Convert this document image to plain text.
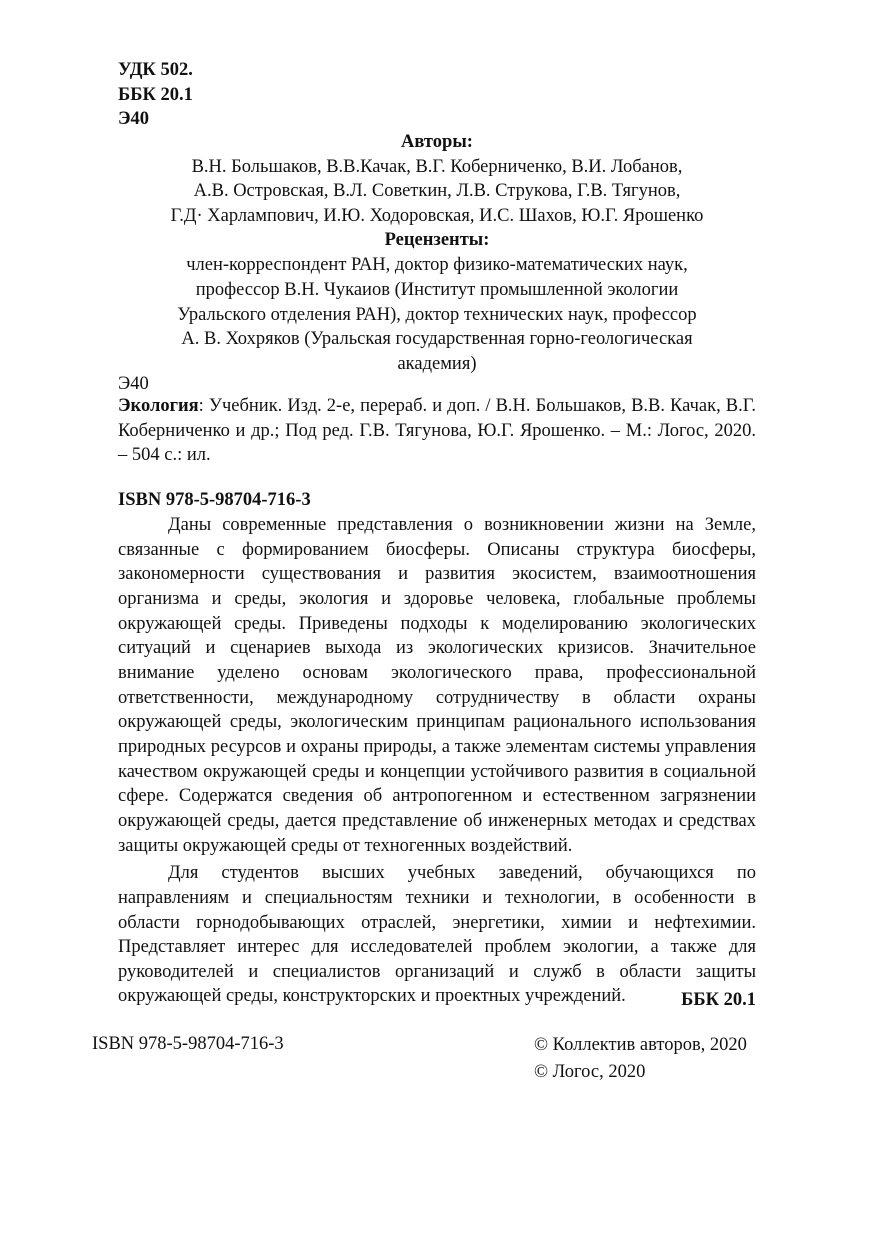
УДК 502.
ББК 20.1
Э40
Авторы:
В.Н. Большаков, В.В.Качак, В.Г. Коберниченко, В.И. Лобанов,
А.В. Островская, В.Л. Советкин, Л.В. Струкова, Г.В. Тягунов,
Г.Д· Харлампович, И.Ю. Ходоровская, И.С. Шахов, Ю.Г. Ярошенко
Рецензенты:
член-корреспондент РАН, доктор физико-математических наук,
профессор В.Н. Чукаиов (Институт промышленной экологии
Уральского отделения РАН), доктор технических наук, профессор
А. В. Хохряков (Уральская государственная горно-геологическая
академия)
Э40

Экология: Учебник. Изд. 2-е, перераб. и доп. / В.Н. Большаков, В.В. Качак, В.Г. Коберниченко и др.; Под ред. Г.В. Тягунова, Ю.Г. Ярошенко. – М.: Логос, 2020. – 504 с.: ил.

ISBN 978-5-98704-716-3

Даны современные представления о возникновении жизни на Земле, связанные с формированием биосферы. Описаны структура биосферы, закономерности существования и развития экосистем, взаимоотношения организма и среды, экология и здоровье человека, глобальные проблемы окружающей среды. Приведены подходы к моделированию экологических ситуаций и сценариев выхода из экологических кризисов. Значительное внимание уделено основам экологического права, профессиональной ответственности, международному сотрудничеству в области охраны окружающей среды, экологическим принципам рационального использования природных ресурсов и охраны природы, а также элементам системы управления качеством окружающей среды и концепции устойчивого развития в социальной сфере. Содержатся сведения об антропогенном и естественном загрязнении окружающей среды, дается представление об инженерных методах и средствах защиты окружающей среды от техногенных воздействий.

Для студентов высших учебных заведений, обучающихся по направлениям и специальностям техники и технологии, в особенности в области горнодобывающих отраслей, энергетики, химии и нефтехимии. Представляет интерес для исследователей проблем экологии, а также для руководителей и специалистов организаций и служб в области защиты окружающей среды, конструкторских и проектных учреждений.	ББК 20.1
ISBN 978-5-98704-716-3	© Коллектив авторов, 2020
© Логос, 2020
